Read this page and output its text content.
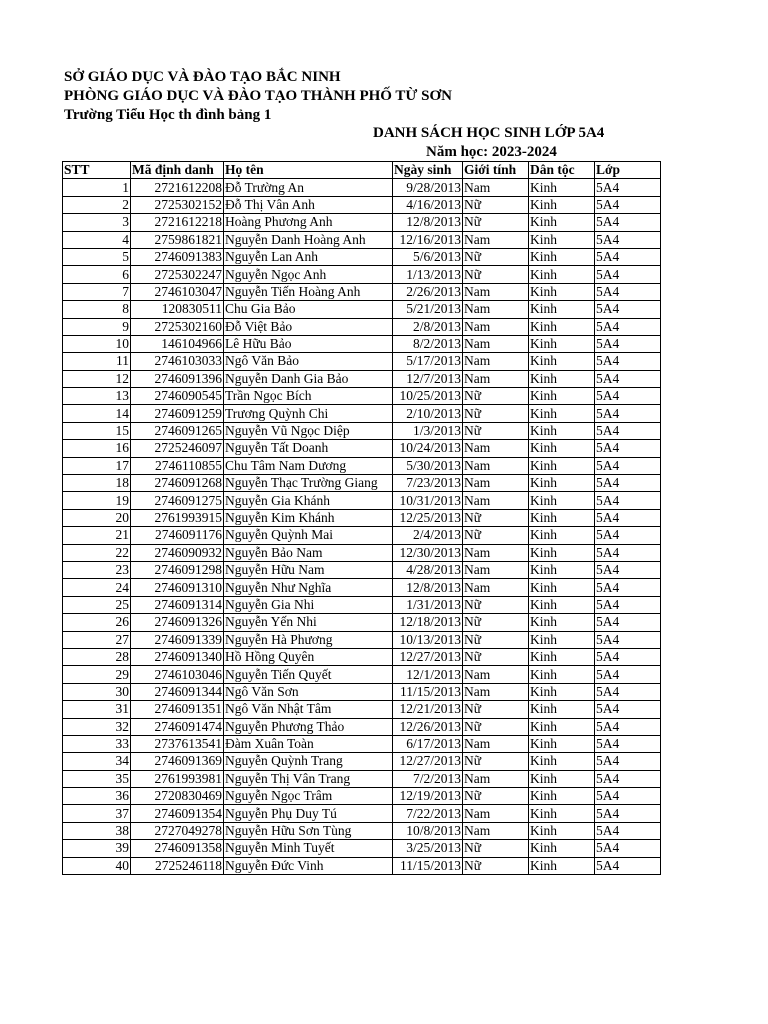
SỞ GIÁO DỤC VÀ ĐÀO TẠO BẮC NINH
PHÒNG GIÁO DỤC VÀ ĐÀO TẠO THÀNH PHỐ TỪ SƠN
Trường Tiểu Học th đình bảng 1
DANH SÁCH HỌC SINH LỚP 5A4
Năm học: 2023-2024
STT	Mã định danh	Họ tên	Ngày sinh	Giới tính	Dân tộc	Lớp
1	2721612208	Đỗ Trường An	9/28/2013	Nam	Kinh	5A4
2	2725302152	Đỗ Thị Vân Anh	4/16/2013	Nữ	Kinh	5A4
3	2721612218	Hoàng Phương Anh	12/8/2013	Nữ	Kinh	5A4
4	2759861821	Nguyễn Danh Hoàng Anh	12/16/2013	Nam	Kinh	5A4
5	2746091383	Nguyễn Lan Anh	5/6/2013	Nữ	Kinh	5A4
6	2725302247	Nguyễn Ngọc Anh	1/13/2013	Nữ	Kinh	5A4
7	2746103047	Nguyễn Tiến Hoàng Anh	2/26/2013	Nam	Kinh	5A4
8	120830511	Chu Gia Bảo	5/21/2013	Nam	Kinh	5A4
9	2725302160	Đỗ Việt Bảo	2/8/2013	Nam	Kinh	5A4
10	146104966	Lê Hữu Bảo	8/2/2013	Nam	Kinh	5A4
11	2746103033	Ngô Văn Bảo	5/17/2013	Nam	Kinh	5A4
12	2746091396	Nguyễn Danh Gia Bảo	12/7/2013	Nam	Kinh	5A4
13	2746090545	Trần Ngọc Bích	10/25/2013	Nữ	Kinh	5A4
14	2746091259	Trương Quỳnh Chi	2/10/2013	Nữ	Kinh	5A4
15	2746091265	Nguyễn Vũ Ngọc Diệp	1/3/2013	Nữ	Kinh	5A4
16	2725246097	Nguyễn Tất Doanh	10/24/2013	Nam	Kinh	5A4
17	2746110855	Chu Tâm Nam Dương	5/30/2013	Nam	Kinh	5A4
18	2746091268	Nguyễn Thạc Trường Giang	7/23/2013	Nam	Kinh	5A4
19	2746091275	Nguyễn Gia Khánh	10/31/2013	Nam	Kinh	5A4
20	2761993915	Nguyễn Kim Khánh	12/25/2013	Nữ	Kinh	5A4
21	2746091176	Nguyễn Quỳnh Mai	2/4/2013	Nữ	Kinh	5A4
22	2746090932	Nguyễn Bảo Nam	12/30/2013	Nam	Kinh	5A4
23	2746091298	Nguyễn Hữu Nam	4/28/2013	Nam	Kinh	5A4
24	2746091310	Nguyễn Như Nghĩa	12/8/2013	Nam	Kinh	5A4
25	2746091314	Nguyễn Gia Nhi	1/31/2013	Nữ	Kinh	5A4
26	2746091326	Nguyễn Yến Nhi	12/18/2013	Nữ	Kinh	5A4
27	2746091339	Nguyễn Hà Phương	10/13/2013	Nữ	Kinh	5A4
28	2746091340	Hồ Hồng Quyên	12/27/2013	Nữ	Kinh	5A4
29	2746103046	Nguyễn Tiến Quyết	12/1/2013	Nam	Kinh	5A4
30	2746091344	Ngô Văn Sơn	11/15/2013	Nam	Kinh	5A4
31	2746091351	Ngô Văn Nhật Tâm	12/21/2013	Nữ	Kinh	5A4
32	2746091474	Nguyễn Phương Thảo	12/26/2013	Nữ	Kinh	5A4
33	2737613541	Đàm Xuân Toàn	6/17/2013	Nam	Kinh	5A4
34	2746091369	Nguyễn Quỳnh Trang	12/27/2013	Nữ	Kinh	5A4
35	2761993981	Nguyễn Thị Vân Trang	7/2/2013	Nam	Kinh	5A4
36	2720830469	Nguyễn Ngọc Trâm	12/19/2013	Nữ	Kinh	5A4
37	2746091354	Nguyễn Phụ Duy Tú	7/22/2013	Nam	Kinh	5A4
38	2727049278	Nguyễn Hữu Sơn Tùng	10/8/2013	Nam	Kinh	5A4
39	2746091358	Nguyễn Minh Tuyết	3/25/2013	Nữ	Kinh	5A4
40	2725246118	Nguyễn Đức Vinh	11/15/2013	Nữ	Kinh	5A4
